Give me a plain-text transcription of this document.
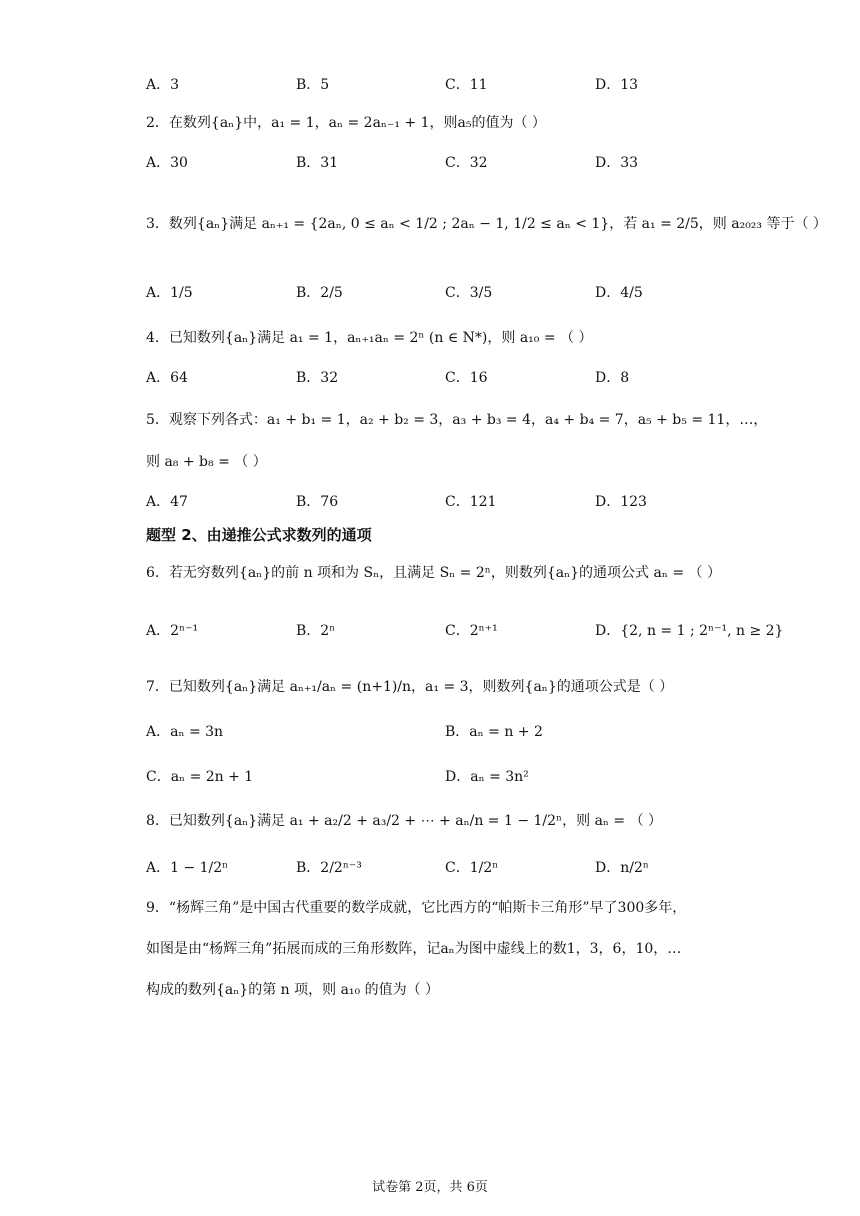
A．3	B．5	C．11	D．13
2．在数列{aₙ}中，a₁ = 1，aₙ = 2aₙ₋₁ + 1，则a₅的值为（ ）
A．30	B．31	C．32	D．33
3．数列{aₙ}满足 aₙ₊₁ = {2aₙ, 0 ≤ aₙ < 1/2 ; 2aₙ − 1, 1/2 ≤ aₙ < 1}，若 a₁ = 2/5，则 a₂₀₂₃ 等于（ ）
A．1/5	B．2/5	C．3/5	D．4/5
4．已知数列{aₙ}满足 a₁ = 1，aₙ₊₁aₙ = 2ⁿ (n ∈ N*)，则 a₁₀ = （ ）
A．64	B．32	C．16	D．8
5．观察下列各式：a₁ + b₁ = 1，a₂ + b₂ = 3，a₃ + b₃ = 4，a₄ + b₄ = 7，a₅ + b₅ = 11，…，
则 a₈ + b₈ = （ ）
A．47	B．76	C．121	D．123
题型 2、由递推公式求数列的通项
6．若无穷数列{aₙ}的前 n 项和为 Sₙ，且满足 Sₙ = 2ⁿ，则数列{aₙ}的通项公式 aₙ = （ ）
A．2ⁿ⁻¹	B．2ⁿ	C．2ⁿ⁺¹	D．{2, n = 1 ; 2ⁿ⁻¹, n ≥ 2}
7．已知数列{aₙ}满足 aₙ₊₁/aₙ = (n+1)/n，a₁ = 3，则数列{aₙ}的通项公式是（ ）
A．aₙ = 3n	B．aₙ = n + 2
C．aₙ = 2n + 1	D．aₙ = 3n²
8．已知数列{aₙ}满足 a₁ + a₂/2 + a₃/2 + ⋯ + aₙ/n = 1 − 1/2ⁿ，则 aₙ = （ ）
A．1 − 1/2ⁿ	B．2/2ⁿ⁻³	C．1/2ⁿ	D．n/2ⁿ
9．“杨辉三角”是中国古代重要的数学成就，它比西方的“帕斯卡三角形”早了300多年，
如图是由“杨辉三角”拓展而成的三角形数阵，记aₙ为图中虚线上的数1，3，6，10，…
构成的数列{aₙ}的第 n 项，则 a₁₀ 的值为（ ）
试卷第 2页，共 6页
